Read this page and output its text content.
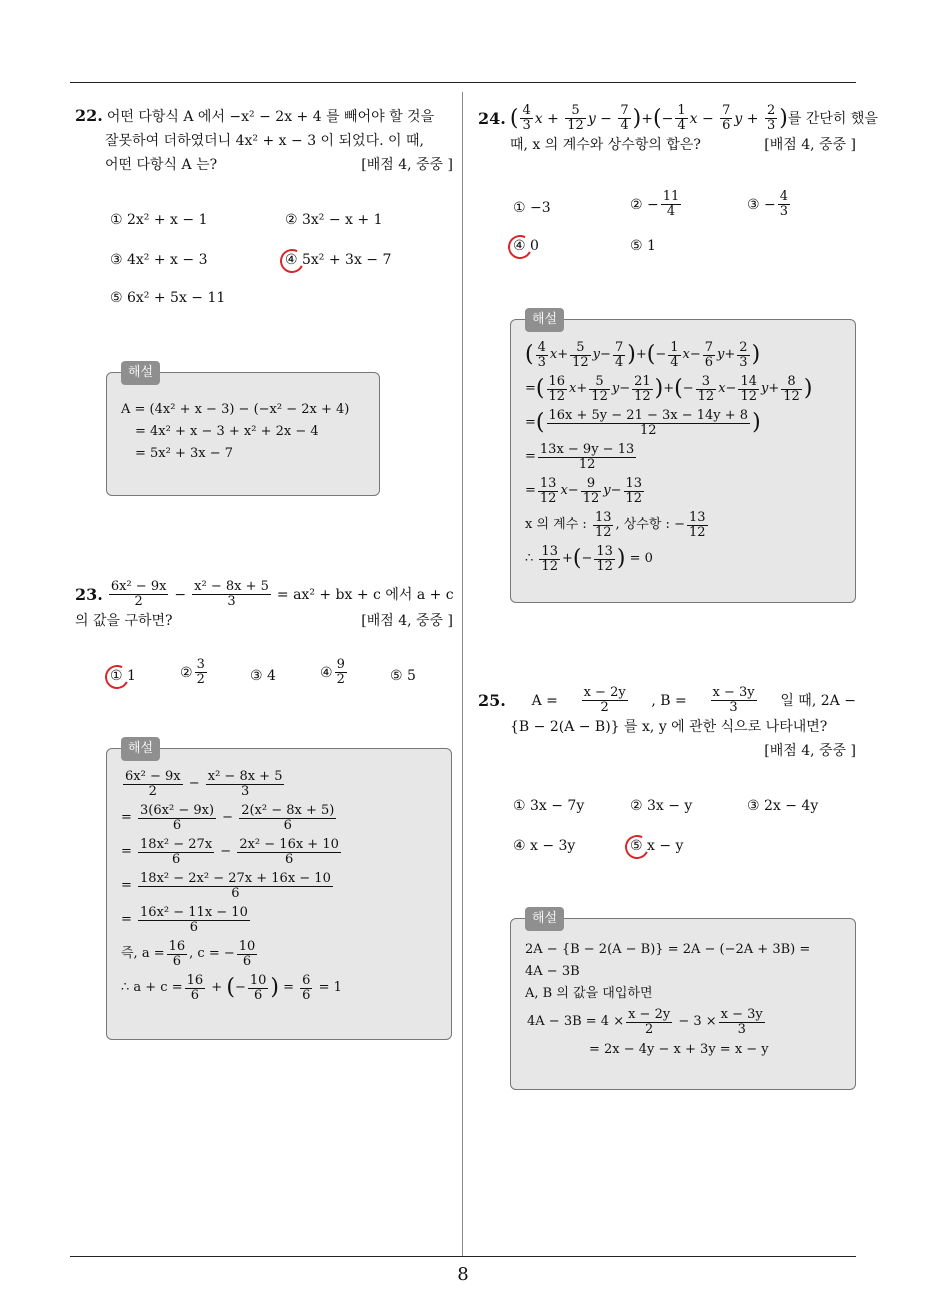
8
22. 어떤 다항식 A 에서 −x² − 2x + 4 를 빼어야 할 것을
잘못하여 더하였더니 4x² + x − 3 이 되었다. 이 때,
어떤 다항식 A 는?	[배점 4, 중중 ]
① 2x² + x − 1	② 3x² − x + 1
③ 4x² + x − 3	④ 5x² + 3x − 7
⑤ 6x² + 5x − 11
해설
A = (4x² + x − 3) − (−x² − 2x + 4)
= 4x² + x − 3 + x² + 2x − 4
= 5x² + 3x − 7
23. $\frac{\text{6x² − 9x}}{2} - \frac{\text{x² − 8x + 5}}{3} = ax^2$ + bx + c 에서 a + c
의 값을 구하면?	[배점 4, 중중 ]
① 1	② $\frac{3}{2}$	③ 4	④ $\frac{9}{2}$	⑤ 5
해설
$\frac{\text{6x² − 9x}}{2} - \frac{\text{x² − 8x + 5}}{3}$
= $\frac{\text{3(6x² − 9x)}}{6} - \frac{\text{2(x² − 8x + 5)}}{6}$
= $\frac{\text{18x² − 27x}}{6} - \frac{\text{2x² − 16x + 10}}{6}$
= $\frac{\text{18x² − 2x² − 27x + 16x − 10}}{6}$
= $\frac{\text{16x² − 11x − 10}}{6}$
즉, $a = \frac{16}{6}$ , c = − $\frac{10}{6}$
∴ $a + c = \frac{16}{6}$ + ( − $\frac{10}{6}$ ) = $\frac{6}{6}$
= 1
24. ( $\frac{4}{3}$ $x + \frac{5}{12}$ $y - \frac{7}{4}$ ) + ( − $\frac{1}{4}$ $x - \frac{7}{6}$ $y + \frac{2}{3}$ ) 를 간단히 했을
때, x 의 계수와 상수항의 합은?	[배점 4, 중중 ]
① −3	② − $\frac{11}{4}$	③ − $\frac{4}{3}$
④ 0	⑤ 1
해설
( $\frac{4}{3}$ $x + \frac{5}{12}$ $y - \frac{7}{4}$ ) + ( − $\frac{1}{4}$ $x - \frac{7}{6}$ $y + \frac{2}{3}$ )
= ( $\frac{16}{12}$ $x + \frac{5}{12}$ $y - \frac{21}{12}$ ) + ( − $\frac{3}{12}$ $x - \frac{14}{12}$ $y + \frac{8}{12}$ )
= ( $\frac{16x + 5y - 21 - 3x - 14y + 8}{12}$ )
= $\frac{13x - 9y - 13}{12}$
= $\frac{13}{12}$ $x - \frac{9}{12}$ $y - \frac{13}{12}$
x 의 계수 :
$\frac{13}{12}$ , 상수항 : − $\frac{13}{12}$
∴
$\frac{13}{12}$ + ( − $\frac{13}{12}$ )
= 0
25. $A = \frac{x - 2y}{2}$ , $B = \frac{x - 3y}{3}$ 일 때, 2A −
{B − 2(A − B)} 를 x, y 에 관한 식으로 나타내면?
[배점 4, 중중 ]
① 3x − 7y	② 3x − y	③ 2x − 4y
④ x − 3y	⑤ x − y
해설
2A − {B − 2(A − B)} = 2A − (−2A + 3B) =
4A − 3B
A, B 의 값을 대입하면
$4A - 3B = 4 \times \frac{x - 2y}{2}$
− $3 \times \frac{x - 3y}{3}$
= 2x − 4y − x + 3y = x − y
